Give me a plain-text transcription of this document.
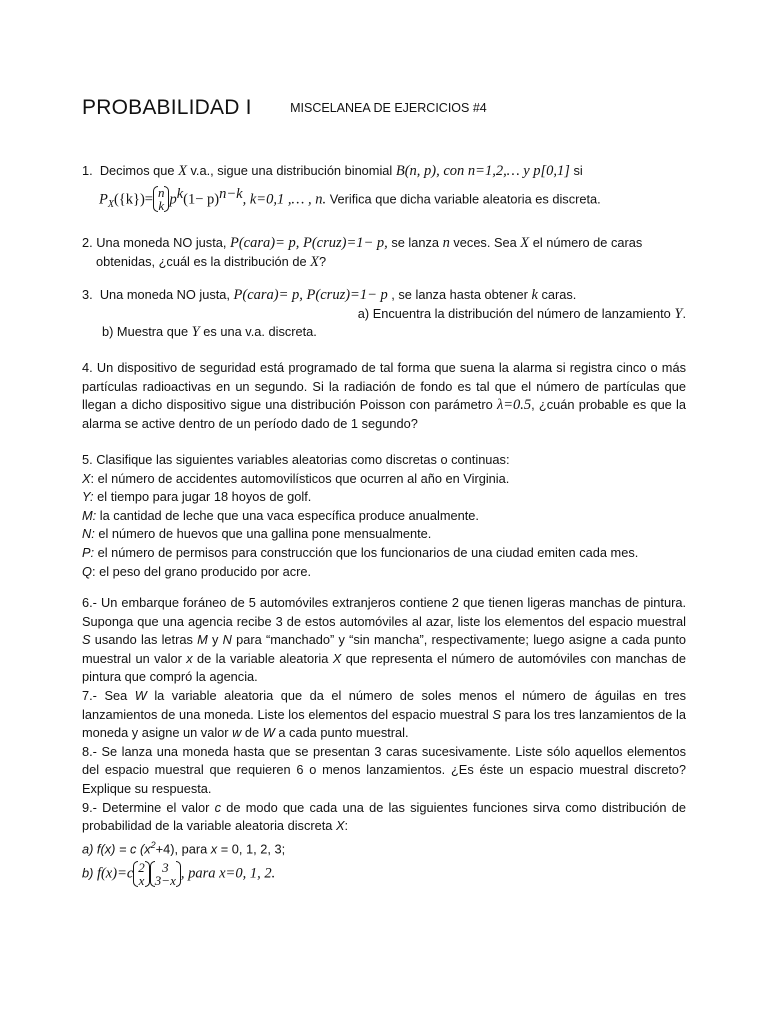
PROBABILIDAD I	MISCELANEA DE EJERCICIOS #4

1. Decimos que X v.a., sigue una distribución binomial B(n, p), con n=1,2,… y p[0,1] si

$P_X(\{k\})= n$
k $p^k(1- p)^{n-k}$, k=0,1 ,… , n. Verifica que dicha variable aleatoria es discreta.

2. Una moneda NO justa, P(cara)= p, P(cruz)=1− p, se lanza n veces. Sea X el número de caras

obtenidas, ¿cuál es la distribución de X?

3. Una moneda NO justa, P(cara)= p, P(cruz)=1− p , se lanza hasta obtener k caras.

a) Encuentra la distribución del número de lanzamiento Y.

b) Muestra que Y es una v.a. discreta.

4. Un dispositivo de seguridad está programado de tal forma que suena la alarma si registra cinco o más partículas radioactivas en un segundo. Si la radiación de fondo es tal que el número de partículas que llegan a dicho dispositivo sigue una distribución Poisson con parámetro λ=0.5, ¿cuán probable es que la alarma se active dentro de un período dado de 1 segundo?

5. Clasifique las siguientes variables aleatorias como discretas o continuas:

X: el número de accidentes automovilísticos que ocurren al año en Virginia.

Y: el tiempo para jugar 18 hoyos de golf.

M: la cantidad de leche que una vaca específica produce anualmente.

N: el número de huevos que una gallina pone mensualmente.

P: el número de permisos para construcción que los funcionarios de una ciudad emiten cada mes.

Q: el peso del grano producido por acre.

6.- Un embarque foráneo de 5 automóviles extranjeros contiene 2 que tienen ligeras manchas de pintura. Suponga que una agencia recibe 3 de estos automóviles al azar, liste los elementos del espacio muestral S usando las letras M y N para “manchado” y “sin mancha”, respectivamente; luego asigne a cada punto muestral un valor x de la variable aleatoria X que representa el número de automóviles con manchas de pintura que compró la agencia.

7.- Sea W la variable aleatoria que da el número de soles menos el número de águilas en tres lanzamientos de una moneda. Liste los elementos del espacio muestral S para los tres lanzamientos de la moneda y asigne un valor w de W a cada punto muestral.

8.- Se lanza una moneda hasta que se presentan 3 caras sucesivamente. Liste sólo aquellos elementos del espacio muestral que requieren 6 o menos lanzamientos. ¿Es éste un espacio muestral discreto? Explique su respuesta.

9.- Determine el valor c de modo que cada una de las siguientes funciones sirva como distribución de probabilidad de la variable aleatoria discreta X:

a) f(x) = c $(x^2+4)$, para x = 0, 1, 2, 3;

b) f(x)=c 2
x
3
3−x , para x=0, 1, 2.
